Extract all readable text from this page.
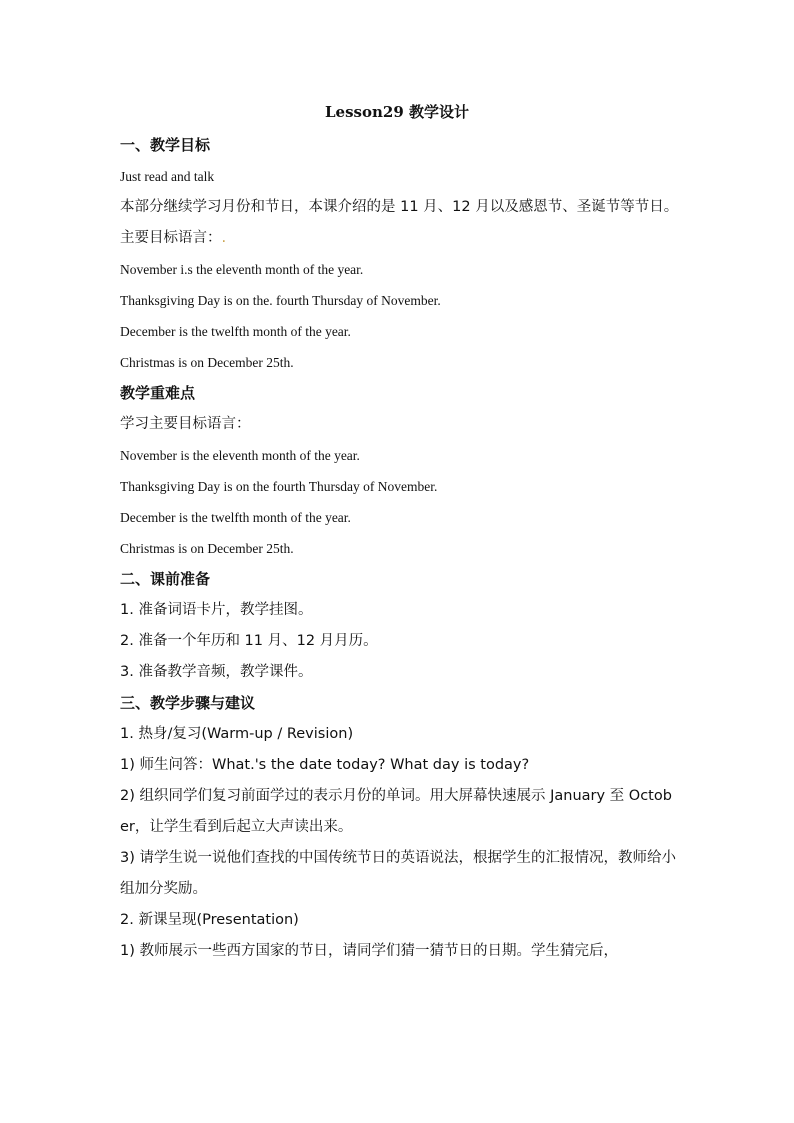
Lesson29 教学设计

一、教学目标

Just read and talk

本部分继续学习月份和节日，本课介绍的是 11 月、12 月以及感恩节、圣诞节等节日。

主要目标语言：.

November i.s the eleventh month of the year.

Thanksgiving Day is on the. fourth Thursday of November.

December is the twelfth month of the year.

Christmas is on December 25th.

教学重难点

学习主要目标语言：

November is the eleventh month of the year.

Thanksgiving Day is on the fourth Thursday of November.

December is the twelfth month of the year.

Christmas is on December 25th.

二、课前准备

1. 准备词语卡片，教学挂图。

2. 准备一个年历和 11 月、12 月月历。

3. 准备教学音频，教学课件。

三、教学步骤与建议

1. 热身/复习(Warm-up / Revision)

1) 师生问答：What.'s the date today? What day is today?

2) 组织同学们复习前面学过的表示月份的单词。用大屏幕快速展示 January 至 October，让学生看到后起立大声读出来。

3) 请学生说一说他们查找的中国传统节日的英语说法，根据学生的汇报情况，教师给小组加分奖励。

2. 新课呈现(Presentation)

1) 教师展示一些西方国家的节日，请同学们猜一猜节日的日期。学生猜完后，
